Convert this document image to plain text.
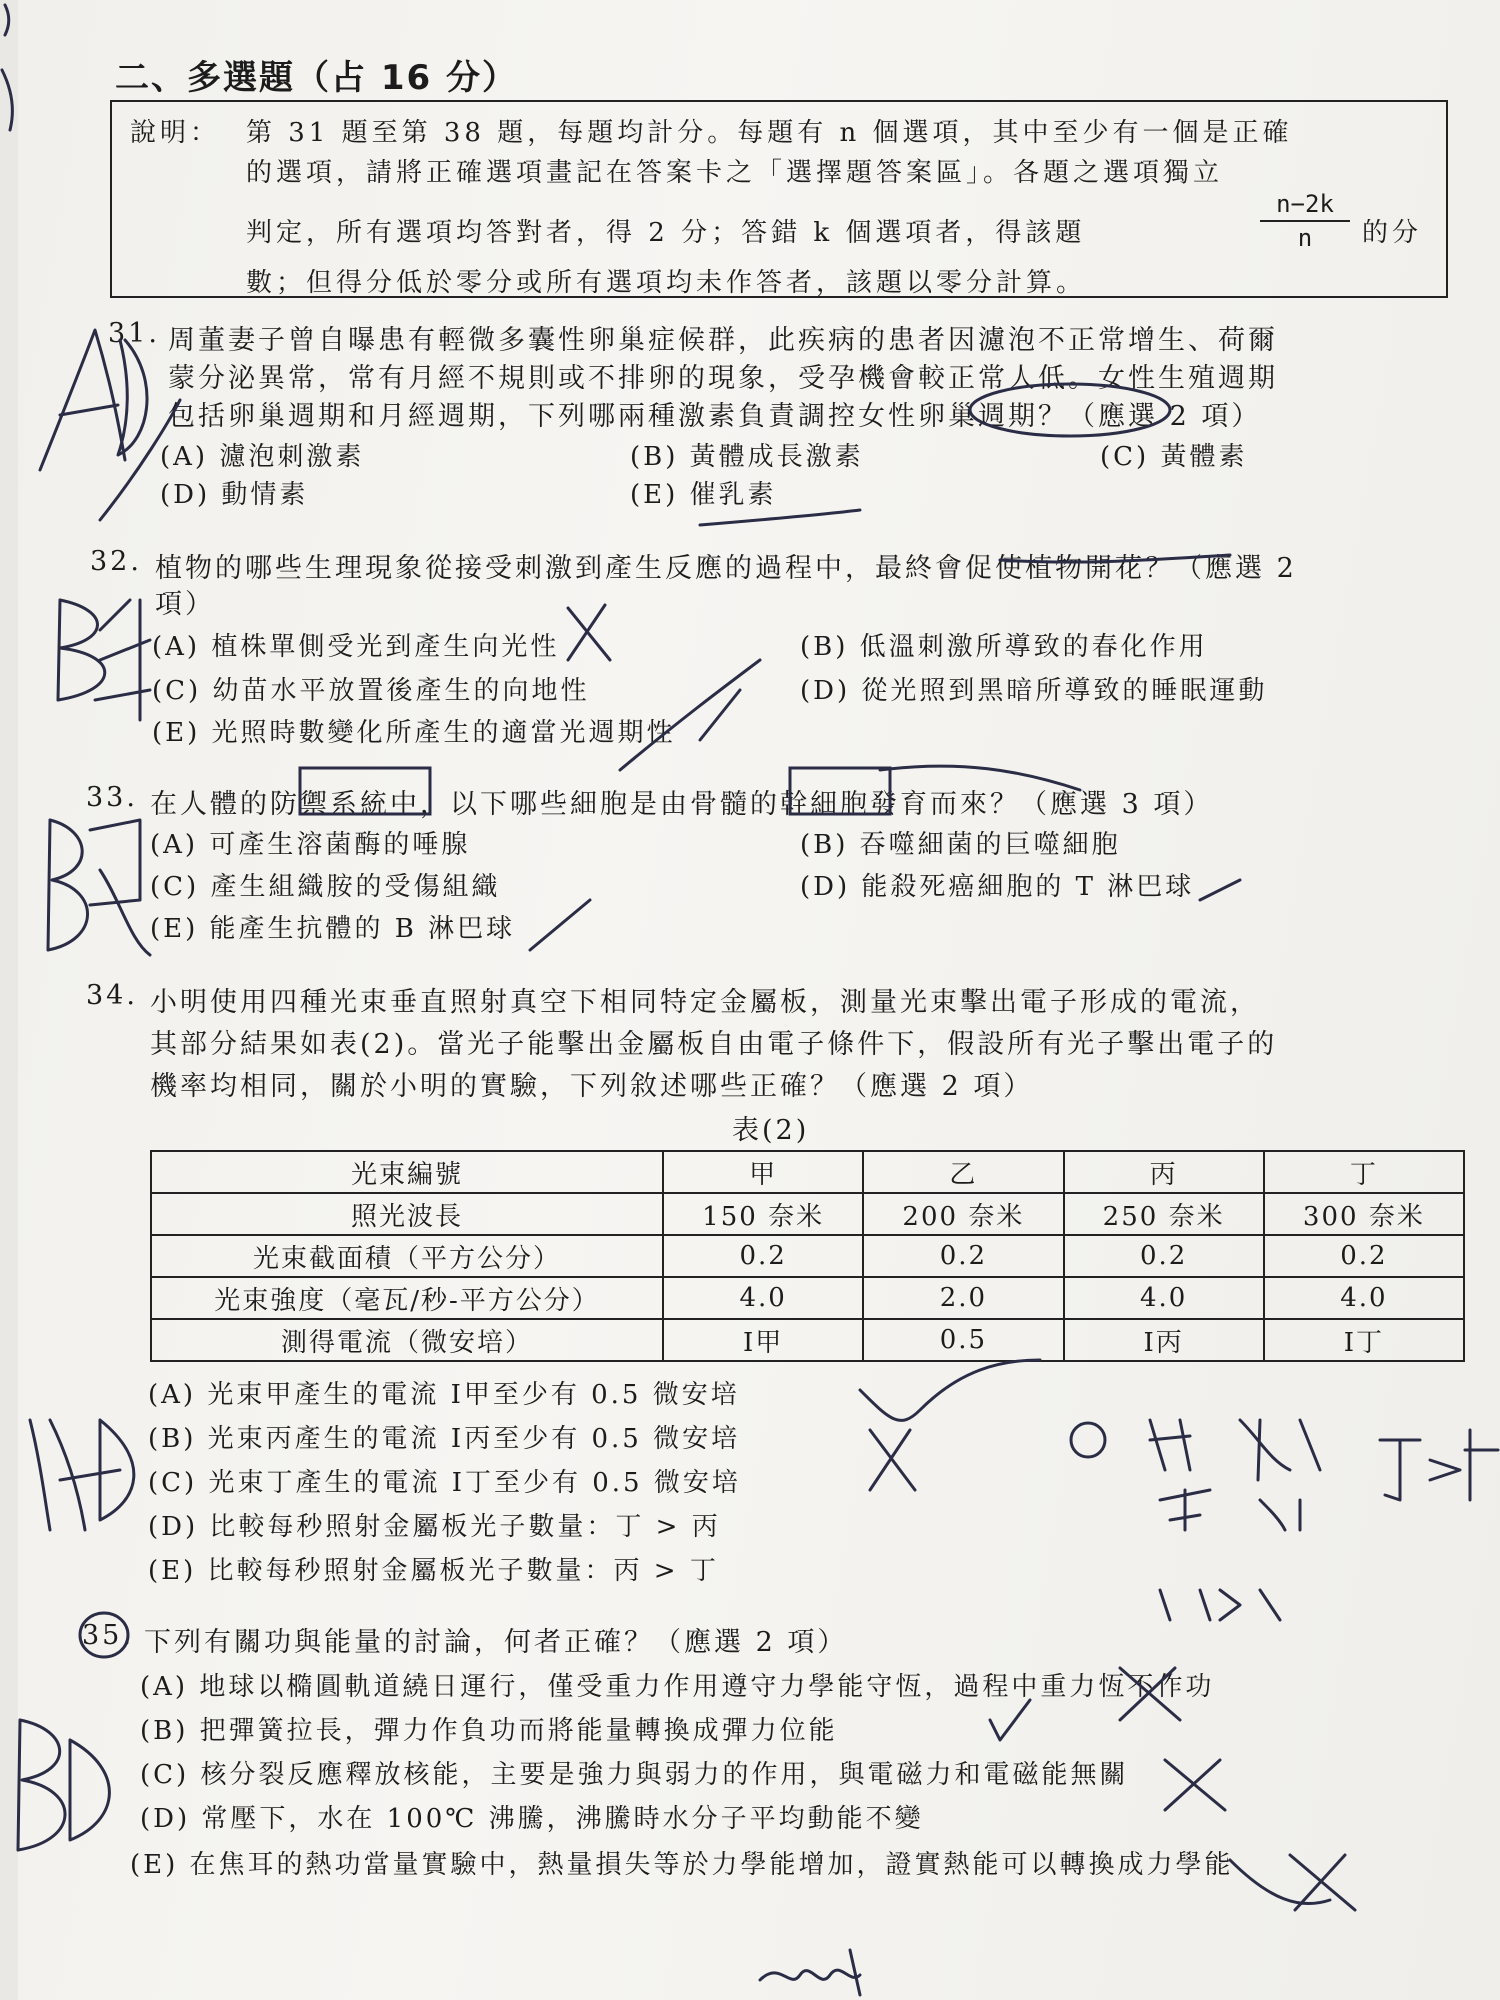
二、多選題（占 16 分）
說明： 第 31 題至第 38 題，每題均計分。每題有 n 個選項，其中至少有一個是正確
的選項，請將正確選項畫記在答案卡之「選擇題答案區」。各題之選項獨立
判定，所有選項均答對者，得 2 分；答錯 k 個選項者，得該題
n−2k
n	的分
數；但得分低於零分或所有選項均未作答者，該題以零分計算。
31. 周董妻子曾自曝患有輕微多囊性卵巢症候群，此疾病的患者因濾泡不正常增生、荷爾
蒙分泌異常，常有月經不規則或不排卵的現象，受孕機會較正常人低。女性生殖週期
包括卵巢週期和月經週期，下列哪兩種激素負責調控女性卵巢週期？（應選 2 項）
(A) 濾泡刺激素	(B) 黃體成長激素	(C) 黃體素
(D) 動情素	(E) 催乳素
32. 植物的哪些生理現象從接受刺激到產生反應的過程中，最終會促使植物開花？（應選 2
項）
(A) 植株單側受光到產生向光性	(B) 低溫刺激所導致的春化作用
(C) 幼苗水平放置後產生的向地性	(D) 從光照到黑暗所導致的睡眠運動
(E) 光照時數變化所產生的適當光週期性
33. 在人體的防禦系統中，以下哪些細胞是由骨髓的幹細胞發育而來？（應選 3 項）
(A) 可產生溶菌酶的唾腺	(B) 吞噬細菌的巨噬細胞
(C) 產生組織胺的受傷組織	(D) 能殺死癌細胞的 T 淋巴球
(E) 能產生抗體的 B 淋巴球
34. 小明使用四種光束垂直照射真空下相同特定金屬板，測量光束擊出電子形成的電流，
其部分結果如表(2)。當光子能擊出金屬板自由電子條件下，假設所有光子擊出電子的
機率均相同，關於小明的實驗，下列敘述哪些正確？（應選 2 項）
表(2)
光束編號	甲	乙	丙	丁
照光波長	150 奈米	200 奈米	250 奈米	300 奈米
光束截面積（平方公分）	0.2	0.2	0.2	0.2
光束強度（毫瓦/秒-平方公分）	4.0	2.0	4.0	4.0
測得電流（微安培）	I甲	0.5	I丙	I丁
(A) 光束甲產生的電流 I甲至少有 0.5 微安培
(B) 光束丙產生的電流 I丙至少有 0.5 微安培
(C) 光束丁產生的電流 I丁至少有 0.5 微安培
(D) 比較每秒照射金屬板光子數量：丁 > 丙
(E) 比較每秒照射金屬板光子數量：丙 > 丁
35. 下列有關功與能量的討論，何者正確？（應選 2 項）
(A) 地球以橢圓軌道繞日運行，僅受重力作用遵守力學能守恆，過程中重力恆不作功
(B) 把彈簧拉長，彈力作負功而將能量轉換成彈力位能
(C) 核分裂反應釋放核能，主要是強力與弱力的作用，與電磁力和電磁能無關
(D) 常壓下，水在 100℃ 沸騰，沸騰時水分子平均動能不變
(E) 在焦耳的熱功當量實驗中，熱量損失等於力學能增加，證實熱能可以轉換成力學能
